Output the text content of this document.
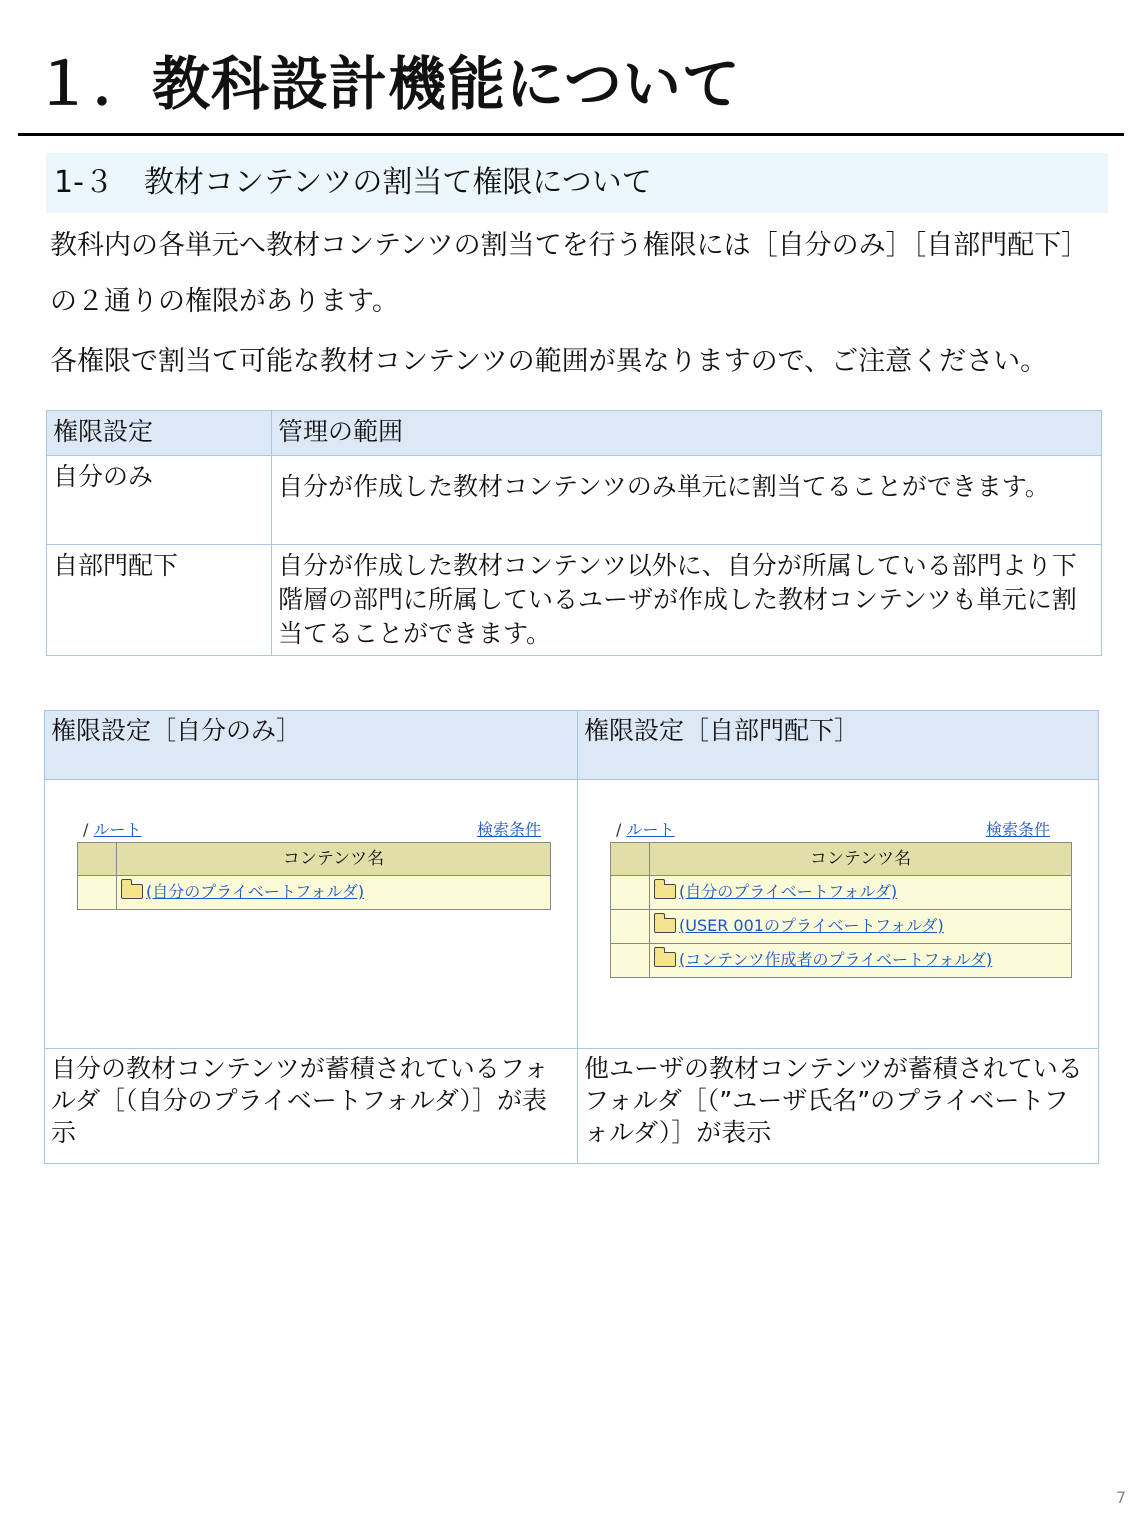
１．教科設計機能について
1-３　教材コンテンツの割当て権限について
教科内の各単元へ教材コンテンツの割当てを行う権限には［自分のみ］［自部門配下］の２通りの権限があります。
各権限で割当て可能な教材コンテンツの範囲が異なりますので、ご注意ください。
権限設定	管理の範囲
自分のみ	自分が作成した教材コンテンツのみ単元に割当てることができます。
自部門配下	自分が作成した教材コンテンツ以外に、自分が所属している部門より下階層の部門に所属しているユーザが作成した教材コンテンツも単元に割当てることができます。
権限設定［自分のみ］	権限設定［自部門配下］

/ ルート	検索条件
	コンテンツ名
	(自分のプライベートフォルダ)

/ ルート	検索条件
	コンテンツ名
	(自分のプライベートフォルダ)
	(USER 001のプライベートフォルダ)
	(コンテンツ作成者のプライベートフォルダ)

自分の教材コンテンツが蓄積されているフォルダ［（自分のプライベートフォルダ）］が表示	他ユーザの教材コンテンツが蓄積されているフォルダ［（”ユーザ氏名”のプライベートフォルダ）］が表示
7
